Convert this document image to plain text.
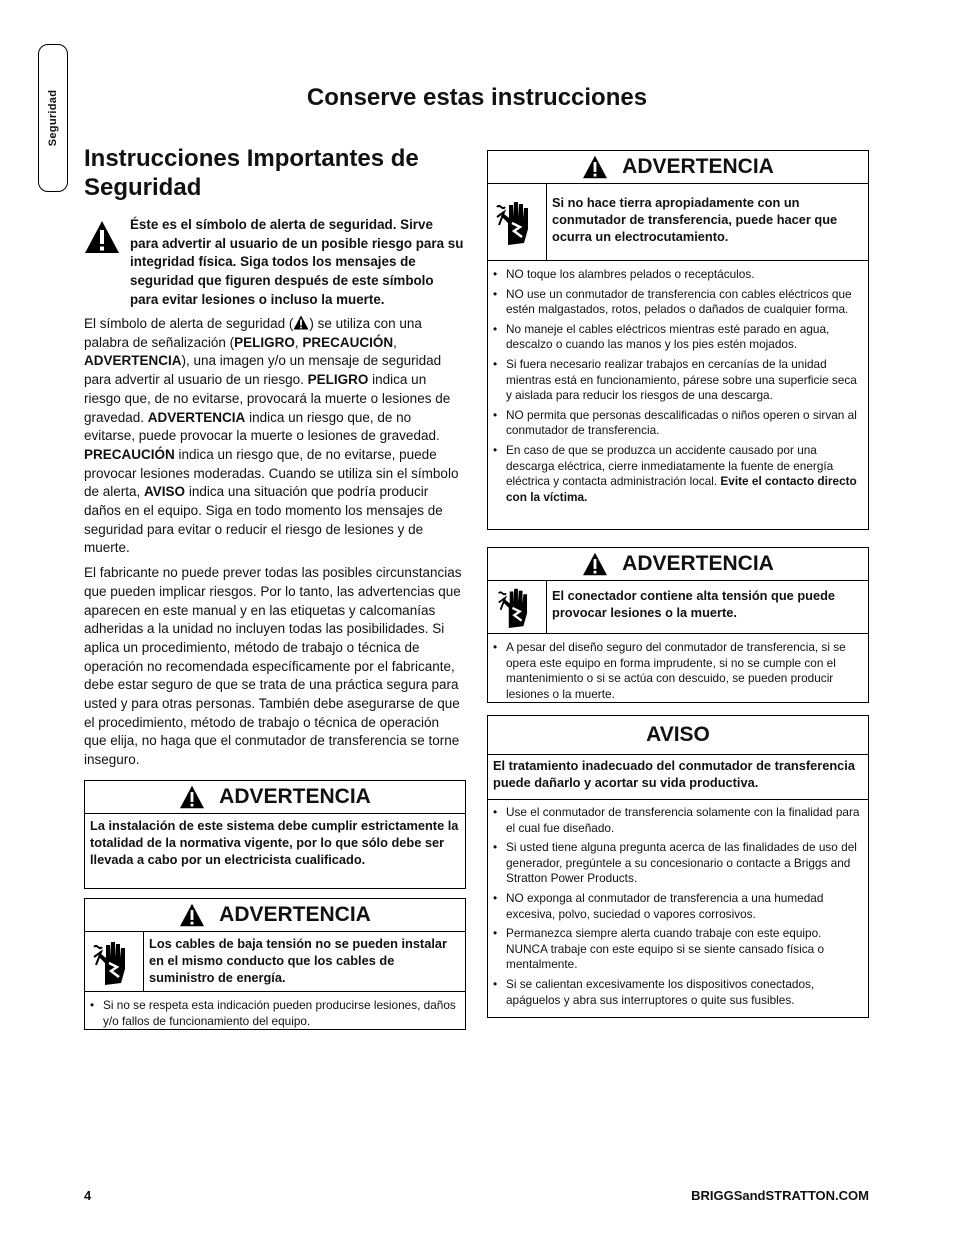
Seguridad	Conserve estas instrucciones
Instrucciones Importantes de Seguridad

Éste es el símbolo de alerta de seguridad. Sirve para advertir al usuario de un posible riesgo para su integridad física. Siga todos los mensajes de seguridad que figuren después de este símbolo para evitar lesiones o incluso la muerte.

El símbolo de alerta de seguridad ( ) se utiliza con una palabra de señalización (PELIGRO, PRECAUCIÓN, ADVERTENCIA), una imagen y/o un mensaje de seguridad para advertir al usuario de un riesgo. PELIGRO indica un riesgo que, de no evitarse, provocará la muerte o lesiones de gravedad. ADVERTENCIA indica un riesgo que, de no evitarse, puede provocar la muerte o lesiones de gravedad. PRECAUCIÓN indica un riesgo que, de no evitarse, puede provocar lesiones moderadas. Cuando se utiliza sin el símbolo de alerta, AVISO indica una situación que podría producir daños en el equipo. Siga en todo momento los mensajes de seguridad para evitar o reducir el riesgo de lesiones y de muerte.

El fabricante no puede prever todas las posibles circunstancias que pueden implicar riesgos. Por lo tanto, las advertencias que aparecen en este manual y en las etiquetas y calcomanías adheridas a la unidad no incluyen todas las posibilidades. Si aplica un procedimiento, método de trabajo o técnica de operación no recomendada específicamente por el fabricante, debe estar seguro de que se trata de una práctica segura para usted y para otras personas. También debe asegurarse de que el procedimiento, método de trabajo o técnica de operación que elija, no haga que el conmutador de transferencia se torne inseguro.

ADVERTENCIA
La instalación de este sistema debe cumplir estrictamente la totalidad de la normativa vigente, por lo que sólo debe ser llevada a cabo por un electricista cualificado.
ADVERTENCIA
Los cables de baja tensión no se pueden instalar en el mismo conducto que los cables de suministro de energía.
• Si no se respeta esta indicación pueden producirse lesiones, daños y/o fallos de funcionamiento del equipo.
ADVERTENCIA
Si no hace tierra apropiadamente con un conmutador de transferencia, puede hacer que ocurra un electrocutamiento.
• NO toque los alambres pelados o receptáculos.
• NO use un conmutador de transferencia con cables eléctricos que estén malgastados, rotos, pelados o dañados de cualquier forma.
• No maneje el cables eléctricos mientras esté parado en agua, descalzo o cuando las manos y los pies estén mojados.
• Si fuera necesario realizar trabajos en cercanías de la unidad mientras está en funcionamiento, párese sobre una superficie seca y aislada para reducir los riesgos de una descarga.
• NO permita que personas descalificadas o niños operen o sirvan al conmutador de transferencia.
• En caso de que se produzca un accidente causado por una descarga eléctrica, cierre inmediatamente la fuente de energía eléctrica y contacta administración local. Evite el contacto directo con la víctima.
ADVERTENCIA
El conectador contiene alta tensión que puede provocar lesiones o la muerte.
• A pesar del diseño seguro del conmutador de transferencia, si se opera este equipo en forma imprudente, si no se cumple con el mantenimiento o si se actúa con descuido, se pueden producir lesiones o la muerte.
AVISO
El tratamiento inadecuado del conmutador de transferencia puede dañarlo y acortar su vida productiva.
• Use el conmutador de transferencia solamente con la finalidad para el cual fue diseñado.
• Si usted tiene alguna pregunta acerca de las finalidades de uso del generador, pregúntele a su concesionario o contacte a Briggs and Stratton Power Products.
• NO exponga al conmutador de transferencia a una humedad excesiva, polvo, suciedad o vapores corrosivos.
• Permanezca siempre alerta cuando trabaje con este equipo. NUNCA trabaje con este equipo si se siente cansado física o mentalmente.
• Si se calientan excesivamente los dispositivos conectados, apáguelos y abra sus interruptores o quite sus fusibles.
4	BRIGGSandSTRATTON.COM
